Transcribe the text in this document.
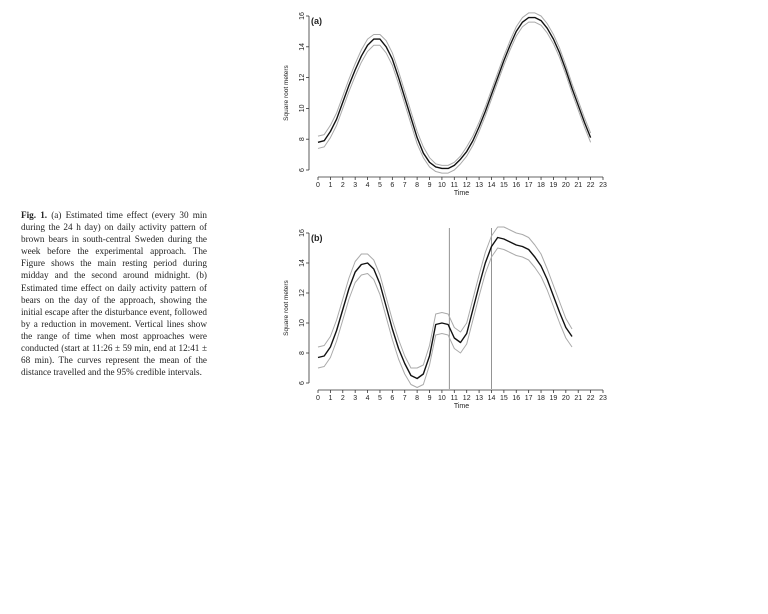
Fig. 1. (a) Estimated time effect (every 30 min during the 24 h day) on daily activity pattern of brown bears in south-central Sweden during the week before the experimental approach. The Figure shows the main resting period during midday and the second around midnight. (b) Estimated time effect on daily activity pattern of bears on the day of the approach, showing the initial escape after the disturbance event, followed by a reduction in movement. Vertical lines show the range of time when most approaches were conducted (start at 11:26 ± 59 min, end at 12:41 ± 68 min). The curves represent the mean of the distance travelled and the 95% credible intervals.
0 1 2 3 4 5 6 7 8 9 10 11 12 13 14 15 16 17 18 19 20 21 22 23
Time
6
8
10
12
14
16
Square root meters
(a)
0 1 2 3 4 5 6 7 8 9 10 11 12 13 14 15 16 17 18 19 20 21 22 23
Time
6
8
10
12
14
16
Square root meters
(b)
